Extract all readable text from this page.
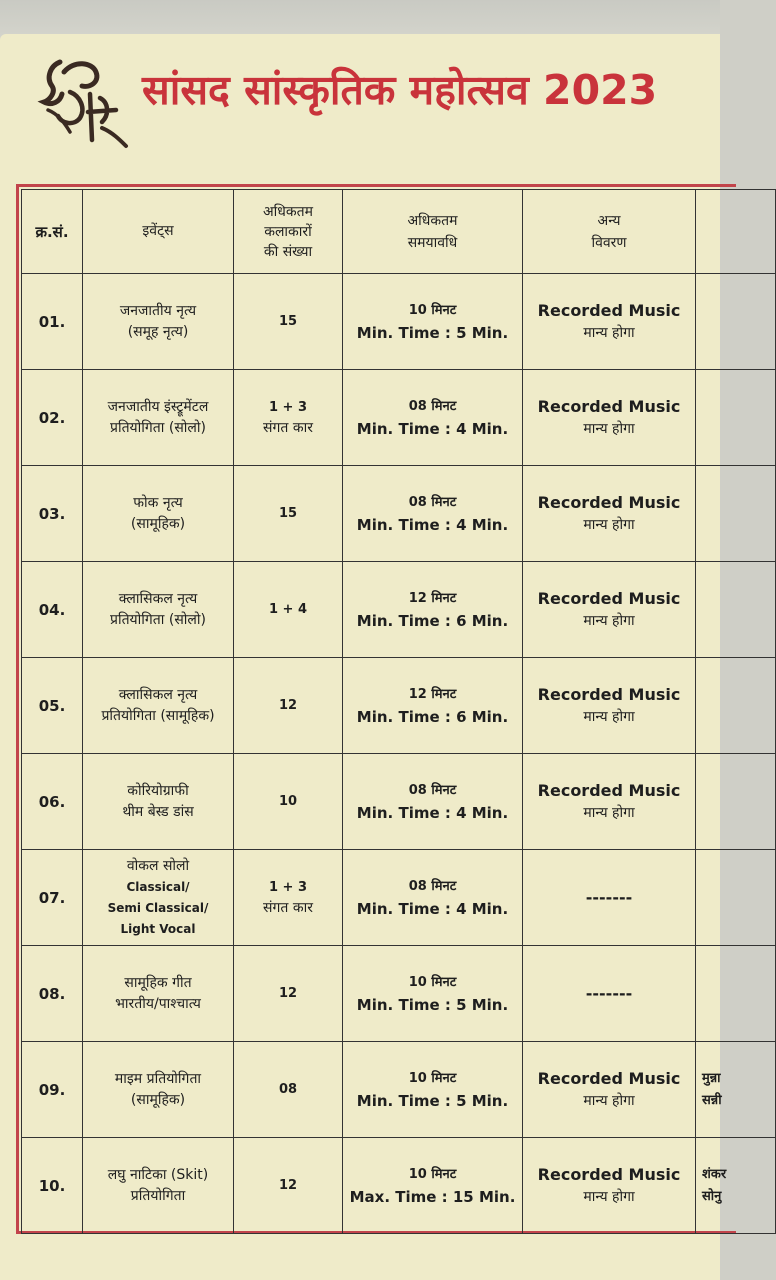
सांसद सांस्कृतिक महोत्सव 2023
क्र.सं.	इवेंट्स	अधिकतम
कलाकारों
की संख्या	अधिकतम
समयावधि	अन्य
विवरण	

01.	जनजातीय नृत्य
(समूह नृत्य)	15	10 मिनट
Min. Time : 5 Min.	Recorded Music
मान्य होगा	

02.	जनजातीय इंस्ट्रूमेंटल
प्रतियोगिता (सोलो)	1 + 3
संगत कार	08 मिनट
Min. Time : 4 Min.	Recorded Music
मान्य होगा	

03.	फोक नृत्य
(सामूहिक)	15	08 मिनट
Min. Time : 4 Min.	Recorded Music
मान्य होगा	

04.	क्लासिकल नृत्य
प्रतियोगिता (सोलो)	1 + 4	12 मिनट
Min. Time : 6 Min.	Recorded Music
मान्य होगा	

05.	क्लासिकल नृत्य
प्रतियोगिता (सामूहिक)	12	12 मिनट
Min. Time : 6 Min.	Recorded Music
मान्य होगा	

06.	कोरियोग्राफी
थीम बेस्ड डांस	10	08 मिनट
Min. Time : 4 Min.	Recorded Music
मान्य होगा	

07.	वोकल सोलो
Classical/
Semi Classical/
Light Vocal	1 + 3
संगत कार	08 मिनट
Min. Time : 4 Min.	-------	

08.	सामूहिक गीत
भारतीय/पाश्चात्य	12	10 मिनट
Min. Time : 5 Min.	-------	

09.	माइम प्रतियोगिता
(सामूहिक)	08	10 मिनट
Min. Time : 5 Min.	Recorded Music
मान्य होगा	मुन्ना
सन्नी

10.	लघु नाटिका (Skit)
प्रतियोगिता	12	10 मिनट
Max. Time : 15 Min.	Recorded Music
मान्य होगा	शंकर
सोनु
